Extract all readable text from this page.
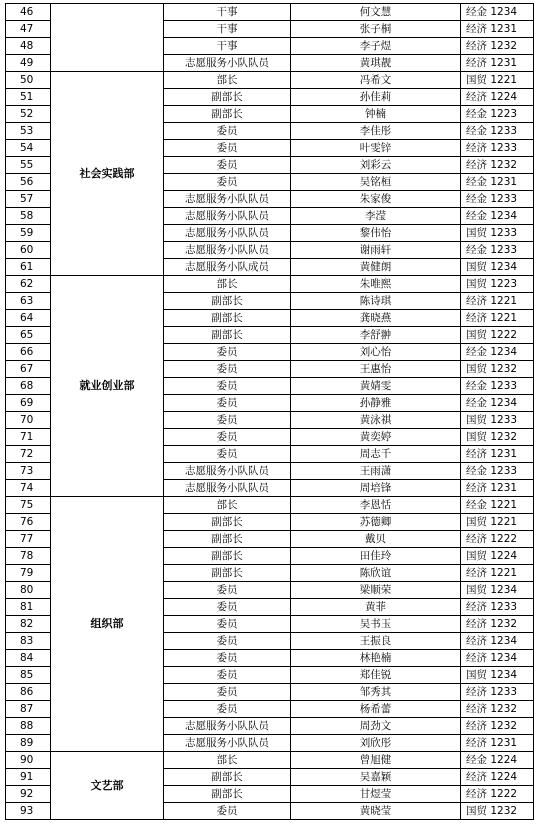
46		干事	何文慧	经金 1234
47		干事	张子桐	经济 1231
48		干事	李子煜	经济 1232
49		志愿服务小队队员	黄琪靓	经济 1231
50	社会实践部	部长	冯希文	国贸 1221
51		副部长	孙佳莉	经济 1224
52		副部长	钟楠	经金 1223
53		委员	李佳彤	经金 1233
54		委员	叶雯锌	经济 1233
55		委员	刘彩云	经济 1232
56		委员	吴铭桓	经金 1231
57		志愿服务小队队员	朱家俊	经金 1233
58		志愿服务小队队员	李滢	经金 1234
59		志愿服务小队队员	黎伟怡	国贸 1233
60		志愿服务小队队员	谢雨轩	经金 1233
61		志愿服务小队成员	黄健朗	国贸 1234
62	就业创业部	部长	朱唯熙	国贸 1223
63		副部长	陈诗琪	经济 1221
64		副部长	龚晓燕	经济 1221
65		副部长	李舒翀	国贸 1222
66		委员	刘心怡	经金 1234
67		委员	王惠怡	国贸 1232
68		委员	黄婧雯	经金 1233
69		委员	孙静雅	经金 1234
70		委员	黄泳祺	国贸 1233
71		委员	黄奕婷	国贸 1232
72		委员	周志千	经济 1231
73		志愿服务小队队员	王雨潇	经金 1233
74		志愿服务小队队员	周培锋	经济 1231
75	组织部	部长	李恩恬	经金 1221
76		副部长	苏德卿	国贸 1221
77		副部长	戴贝	经济 1222
78		副部长	田佳玲	国贸 1224
79		副部长	陈欣谊	经济 1221
80		委员	梁顺荣	国贸 1234
81		委员	黄菲	经济 1233
82		委员	吴书玉	经济 1232
83		委员	王振良	经济 1234
84		委员	林艳楠	经济 1234
85		委员	郑佳锐	国贸 1234
86		委员	邹秀其	经济 1233
87		委员	杨希蕾	经济 1232
88		志愿服务小队队员	周劲文	经济 1232
89		志愿服务小队队员	刘欣彤	经济 1231
90	文艺部	部长	曾旭健	经金 1224
91		副部长	吴嘉颖	经济 1224
92		副部长	甘煜莹	经济 1222
93		委员	黄晓莹	国贸 1232
